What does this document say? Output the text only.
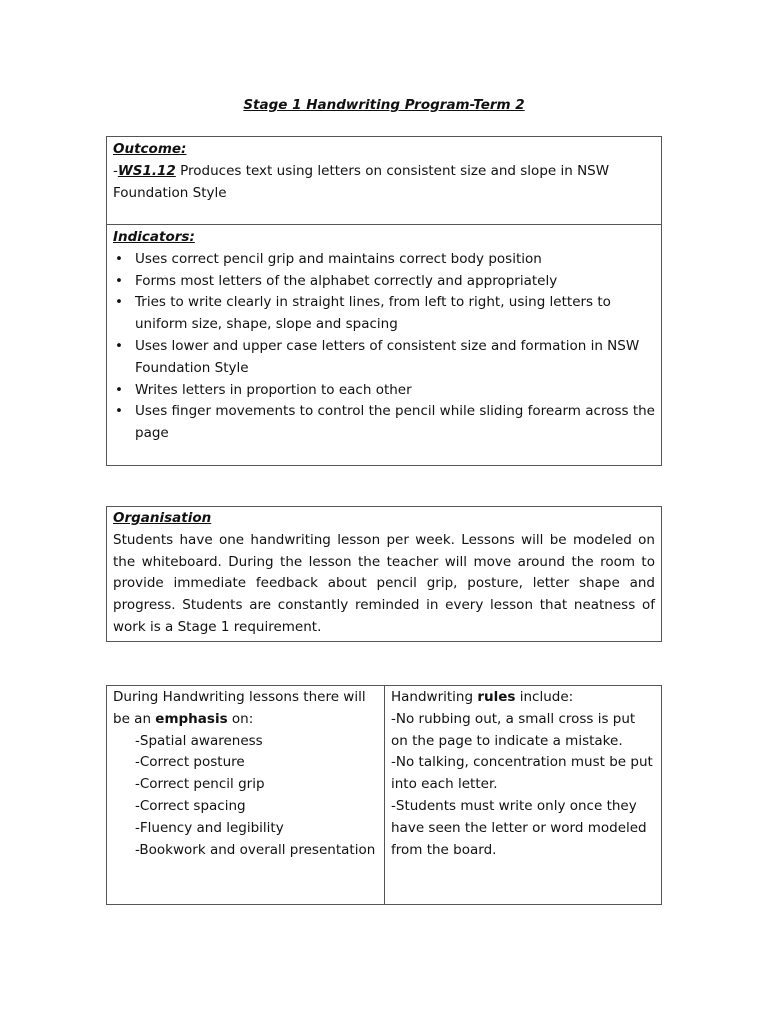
Stage 1 Handwriting Program-Term 2
Outcome:
-WS1.12 Produces text using letters on consistent size and slope in NSW Foundation Style
Indicators:
• Uses correct pencil grip and maintains correct body position
• Forms most letters of the alphabet correctly and appropriately
• Tries to write clearly in straight lines, from left to right, using letters to uniform size, shape, slope and spacing
• Uses lower and upper case letters of consistent size and formation in NSW Foundation Style
• Writes letters in proportion to each other
• Uses finger movements to control the pencil while sliding forearm across the page
Organisation

Students have one handwriting lesson per week. Lessons will be modeled on the whiteboard. During the lesson the teacher will move around the room to provide immediate feedback about pencil grip, posture, letter shape and progress. Students are constantly reminded in every lesson that neatness of work is a Stage 1 requirement.

During Handwriting lessons there will be an emphasis on:
-Spatial awareness
-Correct posture
-Correct pencil grip
-Correct spacing
-Fluency and legibility
-Bookwork and overall presentation
Handwriting rules include:
-No rubbing out, a small cross is put on the page to indicate a mistake.
-No talking, concentration must be put into each letter.
-Students must write only once they have seen the letter or word modeled from the board.
